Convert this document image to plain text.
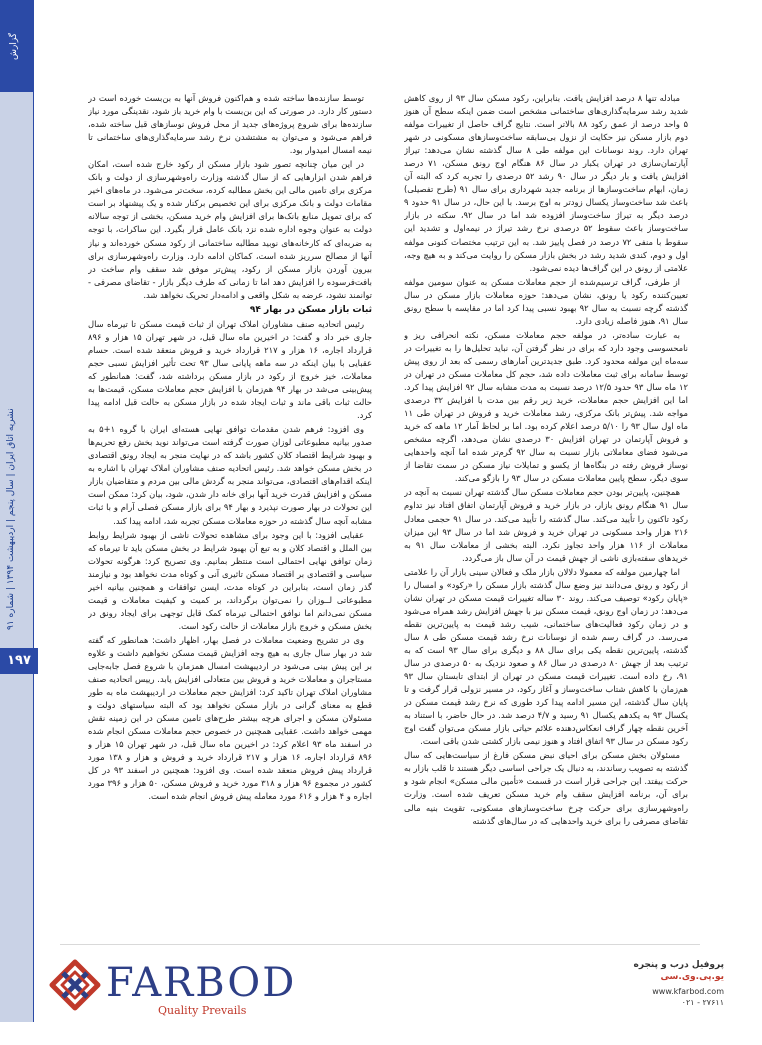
گزارش
نشریه اتاق ایران | سال پنجم | اردیبهشت ۱۳۹۴ | شماره ۹۱
۱۹۷

مبادله تنها ۸ درصد افزایش یافت. بنابراین، رکود مسکن سال ۹۳ از روی کاهش شدید رشد سرمایه‌گذاری‌های ساختمانی مشخص است ضمن اینکه سطح آن هنوز ۵ واحد درصد از عمق رکود ۸۸ بالاتر است. نتایج گراف حاصل از تغییرات مولفه دوم بازار مسکن نیز حکایت از نزول بی‌سابقه ساخت‌وسازهای مسکونی در شهر تهران دارد. روند نوسانات این مولفه طی ۸ سال گذشته نشان می‌دهد: تیراژ آپارتمان‌سازی در تهران یکبار در سال ۸۶ هنگام اوج رونق مسکن، ۷۱ درصد افزایش یافت و بار دیگر در سال ۹۰ رشد ۵۲ درصدی را تجربه کرد که البته آن زمان، ابهام ساخت‌وسازها از برنامه جدید شهرداری برای سال ۹۱ (طرح تفصیلی) باعث شد ساخت‌وساز یکسال زودتر به اوج برسد. با این حال، در سال ۹۱ حدود ۹ درصد دیگر به تیراژ ساخت‌وساز افزوده شد اما در سال ۹۲، سکته در بازار ساخت‌وساز باعث سقوط ۵۲ درصدی نرخ رشد تیراژ در نیمه‌اول و تشدید این سقوط با منفی ۷۲ درصد در فصل پاییز شد. به این ترتیب مختصات کنونی مولفه اول و دوم، کندی شدید رشد در بخش بازار مسکن را روایت می‌کند و به هیچ وجه، علامتی از رونق در این گراف‌ها دیده نمی‌شود.

از طرفی، گراف ترسیم‌شده از حجم معاملات مسکن به عنوان سومین مولفه تعیین‌کننده رکود یا رونق، نشان می‌دهد: حوزه معاملات بازار مسکن در سال گذشته گرچه نسبت به سال ۹۲ بهبود نسبی پیدا کرد اما در مقایسه با سطح رونق سال ۹۱، هنوز فاصله زیادی دارد.

به عبارت ساده‌تر، در مولفه حجم معاملات مسکن، نکته انحرافی ریز و نامحسوسی وجود دارد که برای در نظر گرفتن آن، نباید تحلیل‌ها را به تغییرات در سه‌ماه این مولفه محدود کرد. طبق جدیدترین آمارهای رسمی که بعد از روی پیش توسط سامانه برای ثبت معاملات داده شد، حجم کل معاملات مسکن در تهران در ۱۲ ماه سال ۹۳ حدود ۱۲/۵ درصد نسبت به مدت مشابه سال ۹۲ افزایش پیدا کرد. اما این افزایش حجم معاملات، خرید زیر رقم بین مدت با افزایش ۳۲ درصدی مواجه شد. پیش‌تر بانک مرکزی، رشد معاملات خرید و فروش در تهران طی ۱۱ ماه اول سال ۹۳ را ۵/۱۰ درصد اعلام کرده بود. اما بر لحاظ آمار ۱۲ ماهه که خرید و فروش آپارتمان در تهران افزایش ۳۰ درصدی نشان می‌دهد، اگرچه مشخص می‌شود فضای معاملاتی بازار نسبت به سال ۹۲ گرم‌تر شده اما آنچه واحدهایی نوساز فروش رفته در بنگاه‌ها از یکسو و تمایلات نیاز مسکن در سمت تقاضا از سوی دیگر، سطح پایین معاملات مسکن در سال ۹۳ را بازگو می‌کند.

همچنین، پایین‌تر بودن حجم معاملات مسکن سال گذشته تهران نسبت به آنچه در سال ۹۱ هنگام رونق بازار، در بازار خرید و فروش آپارتمان اتفاق افتاد نیز تداوم رکود تاکنون را تأیید می‌کند. سال گذشته را تأیید می‌کند. در سال ۹۱ حجمی معادل ۲۱۶ هزار واحد مسکونی در تهران خرید و فروش شد اما در سال ۹۳ این میزان معاملات از ۱۱۶ هزار واحد تجاوز نکرد. البته بخشی از معاملات سال ۹۱ به خریدهای سفته‌بازی ناشی از جهش قیمت در آن سال باز می‌گردد.

اما چهارمین مولفه که معمولا دلالان بازار ملک و فعالان سینی بازار آن را علامتی از رکود و رونق می‌دانند نیز وضع سال گذشته بازار مسکن را «رکود» و امسال را «پایان رکود» توصیف می‌کند. روند ۳۰ ساله تغییرات قیمت مسکن در تهران نشان می‌دهد: در زمان اوج رونق، قیمت مسکن نیز با جهش افزایش رشد همراه می‌شود و در زمان رکود فعالیت‌های ساختمانی، شیب رشد قیمت به پایین‌ترین نقطه می‌رسد. در گراف رسم شده از نوسانات نرخ رشد قیمت مسکن طی ۸ سال گذشته، پایین‌ترین نقطه یکی برای سال ۸۸ و دیگری برای سال ۹۳ است که به ترتیب بعد از جهش ۸۰ درصدی در سال ۸۶ و صعود نزدیک به ۵۰ درصدی در سال ۹۱، رخ داده است. تغییرات قیمت مسکن در تهران از ابتدای تابستان سال ۹۳ هم‌زمان با کاهش شتاب ساخت‌وساز و آغاز رکود، در مسیر نزولی قرار گرفت و تا پایان سال گذشته، این مسیر ادامه پیدا کرد طوری که نرخ رشد قیمت مسکن در یکسال ۹۳ به یکدهم یکسال ۹۱ رسید و ۴/۷ درصد شد. در حال حاضر، با استناد به آخرین نقطه چهار گراف انعکاس‌دهنده علائم حیاتی بازار مسکن می‌توان گفت اوج رکود مسکن در سال ۹۳ اتفاق افتاد و هنوز نیمی بازار کشتی شدن باقی است.

مسئولان بخش مسکن برای احیای نبض مسکن فارغ از سیاست‌هایی که سال گذشته به تصویب رساندند، به دنبال یک جراحی اساسی دیگر هستند تا قلب بازار به حرکت بیفتد. این جراحی قرار است در قسمت «تأمین مالی مسکن» انجام شود و برای آن، برنامه افزایش سقف وام خرید مسکن تعریف شده است. وزارت راه‌وشهرسازی برای حرکت چرخ ساخت‌وسازهای مسکونی، تقویت بنیه مالی تقاضای مصرفی را برای خرید واحدهایی که در سال‌های گذشته

توسط سازنده‌ها ساخته شده و هم‌اکنون فروش آنها به بن‌بست خورده است در دستور کار دارد. در صورتی که این بن‌بست با وام خرید باز شود، نقدینگی مورد نیاز سازنده‌ها برای شروع پروژه‌های جدید از محل فروش نوساز‌های قبل ساخته شده، فراهم می‌شود و می‌توان به مشتشدن نرخ رشد سرمایه‌گذاری‌های ساختمانی تا نیمه امسال امیدوار بود.

در این میان چنانچه تصور شود بازار مسکن از رکود خارج شده است، امکان فراهم شدن ابزارهایی که از سال گذشته وزارت راه‌وشهرسازی از دولت و بانک مرکزی برای تامین مالی این بخش مطالبه کرده، سخت‌تر می‌شود. در ماه‌های اخیر مقامات دولت و بانک مرکزی برای این تخصیص برکنار شده و یک پیشنهاد بر است که برای تمویل منابع بانک‌ها برای افزایش وام خرید مسکن، بخشی از توجه سالانه دولت به عنوان وجوه اداره شده نزد بانک عامل قرار بگیرد. این ساکرات، با توجه به ضربه‌ای که کارخانه‌های نوبید مطالبه ساختمانی از رکود مسکن خورده‌اند و نیاز آنها از مصالح سرریز شده است، کماکان ادامه دارد. وزارت راه‌وشهرسازی برای بیرون آوردن بازار مسکن از رکود، پیش‌تر موفق شد سقف وام ساخت در بافت‌فرسوده را افزایش دهد اما تا زمانی که طرف دیگر بازار - تقاضای مصرفی - توانمند نشود، عرضه به شکل واقعی و ادامه‌دار تحریک نخواهد شد.

ثبات بازار مسکن در بهار ۹۴

رئیس اتحادیه صنف مشاوران املاک تهران از ثبات قیمت مسکن تا تیرماه سال جاری خبر داد و گفت: در اخیرین ماه سال قبل، در شهر تهران ۱۵ هزار و ۸۹۶ قرارداد اجاره، ۱۶ هزار و ۲۱۷ قرارداد خرید و فروش منعقد شده است. حسام عقبایی با بیان اینکه در سه ماهه پایانی سال ۹۳ تحت تأثیر افزایش نسبی حجم معاملات، خیز خروج از رکود در بازار مسکن برداشته شد، گفت: همانطور که پیش‌بینی می‌شد در بهار ۹۴ هم‌زمان با افزایش حجم معاملات مسکن، قیمت‌ها به حالت ثبات باقی ماند و ثبات ایجاد شده در بازار مسکن به حالت قبل ادامه پیدا کرد.

وی افزود: فرهم شدن مقدمات توافق نهایی هسته‌ای ایران با گروه ۱+۵ به صدور بیانیه مطبوعاتی لوزان صورت گرفته است می‌تواند نوید بخش رفع تحریم‌ها و بهبود شرایط اقتصاد کلان کشور باشد که در نهایت منجر به ایجاد رونق اقتصادی در بخش مسکن خواهد شد. رئیس اتحادیه صنف مشاوران املاک تهران با اشاره به اینکه اقدام‌های اقتصادی، می‌تواند منجر به گردش مالی بین مردم و متقاضیان بازار مسکن و افزایش قدرت خرید آنها برای خانه دار شدن، شود، بیان کرد: ممکن است این تحولات در بهار صورت نپذیرد و بهار ۹۴ برای بازار مسکن فصلی آرام و با ثبات مشابه آنچه سال گذشته در حوزه معاملات مسکن تجربه شد، ادامه پیدا کند.

عقبایی افزود: با این وجود برای مشاهده تحولات ناشی از بهبود شرایط روابط بین الملل و اقتصاد کلان و به تبع آن بهبود شرایط در بخش مسکن باید تا تیرماه که زمان توافق نهایی احتمالی است منتظر بمانیم. وی تصریح کرد: هرگونه تحولات سیاسی و اقتصادی بر اقتصاد مسکن تاثیری آنی و کوتاه مدت نخواهد بود و نیازمند گذر زمان است، بنابراین در کوتاه مدت، ایسن توافقات و همچنین بیانیه اخیر مطبوعاتی لــوزان را نمی‌توان برگرداند، بر کمیت و کیفیت معاملات و قیمت مسکن نمی‌دانم اما نوافق احتمالی تیرماه کمک قابل توجهی برای ایجاد رونق در بخش مسکن و خروج بازار معاملات از حالت رکود است.

وی در تشریح وضعیت معاملات در فصل بهار، اظهار داشت: همانطور که گفته شد در بهار سال جاری به هیچ وجه افزایش قیمت مسکن نخواهیم داشت و علاوه بر این پیش بینی می‌شود در اردیبهشت امسال همزمان با شروع فصل جابه‌جایی مستاجران و معاملات خرید و فروش بین متعادلی افزایش یابد. رییس اتحادیه صنف مشاوران املاک تهران تاکید کرد: افزایش حجم معاملات در اردیبهشت ماه به طور قطع به معنای گرانی در بازار مسکن نخواهد بود که البته سیاستهای دولت و مسئولان مسکن و اجرای هرچه بیشتر طرح‌های تامین مسکن در این زمینه نقش مهمی خواهد داشت. عقبایی همچنین در خصوص حجم معاملات مسکن انجام شده در اسفند ماه ۹۳ اعلام کرد: در اخیرین ماه سال قبل، در شهر تهران ۱۵ هزار و ۸۹۶ قرارداد اجاره، ۱۶ هزار و ۲۱۷ قرارداد خرید و فروش و هزار و ۱۳۸ مورد قرارداد پیش فروش منعقد شده است. وی افزود: همچنین در اسفند ۹۳ در کل کشور در مجموع ۹۶ هزار و ۳۱۸ مورد خرید و فروش مسکن، ۵۰ هزار و ۳۹۶ مورد اجاره و ۴ هزار و ۶۱۶ مورد معامله پیش فروش انجام شده است.

FARBOD
Quality Prevails
پروفیل درب و پنجره
یو.پی.وی.سی
www.kfarbod.com
۰۲۱ - ۲۷۶۱۱
